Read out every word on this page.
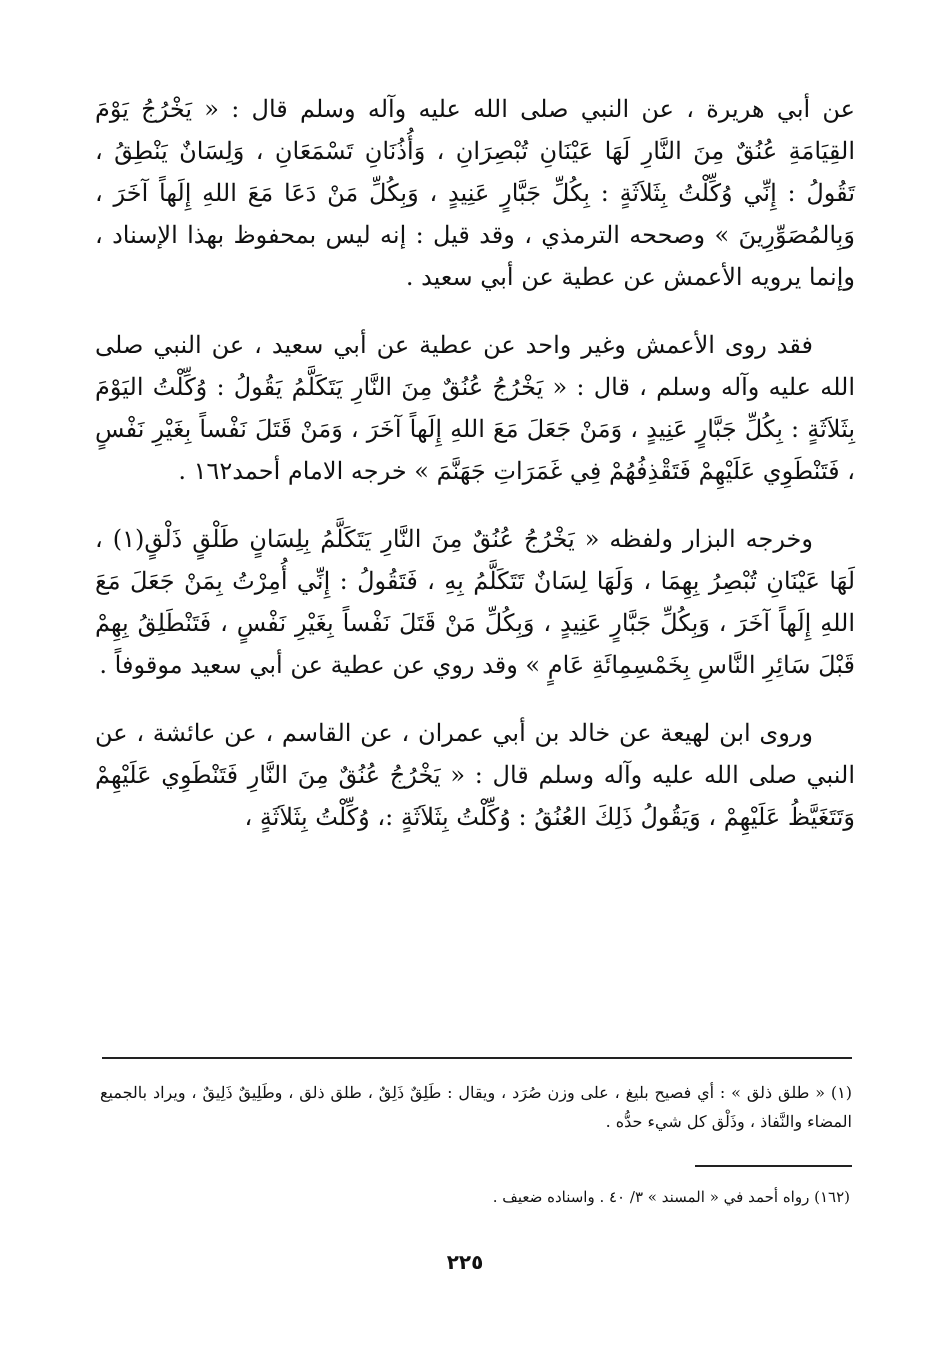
عن أبي هريرة ، عن النبي صلى الله عليه وآله وسلم قال : « يَخْرُجُ يَوْمَ القِيَامَةِ عُنُقٌ مِنَ النَّارِ لَهَا عَيْنَانِ تُبْصِرَانِ ، وَأُذُنَانِ تَسْمَعَانِ ، وَلِسَانٌ يَنْطِقُ ، تَقُولُ : إِنِّي وُكِّلْتُ بِثَلاَثَةٍ : بِكُلِّ جَبَّارٍ عَنِيدٍ ، وَبِكُلِّ مَنْ دَعَا مَعَ اللهِ إِلَهاً آخَرَ ، وَبِالمُصَوِّرِينَ » وصححه الترمذي ، وقد قيل : إنه ليس بمحفوظ بهذا الإسناد ، وإنما يرويه الأعمش عن عطية عن أبي سعيد .

فقد روى الأعمش وغير واحد عن عطية عن أبي سعيد ، عن النبي صلى الله عليه وآله وسلم ، قال : « يَخْرُجُ عُنُقٌ مِنَ النَّارِ يَتَكَلَّمُ يَقُولُ : وُكِّلْتُ اليَوْمَ بِثَلاَثَةٍ : بِكُلِّ جَبَّارٍ عَنِيدٍ ، وَمَنْ جَعَلَ مَعَ اللهِ إِلَهاً آخَرَ ، وَمَنْ قَتَلَ نَفْساً بِغَيْرِ نَفْسٍ ، فَتَنْطَوِي عَلَيْهِمْ فَتَقْذِفُهُمْ فِي غَمَرَاتِ جَهَنَّمَ » خرجه الامام أحمد١٦٢ .

وخرجه البزار ولفظه « يَخْرُجُ عُنُقٌ مِنَ النَّارِ يَتَكَلَّمُ بِلِسَانٍ طَلْقٍ ذَلْقٍ(١) ، لَهَا عَيْنَانِ تُبْصِرُ بِهِمَا ، وَلَهَا لِسَانٌ تَتَكَلَّمُ بِهِ ، فَتَقُولُ : إِنِّي أُمِرْتُ بِمَنْ جَعَلَ مَعَ اللهِ إِلَهاً آخَرَ ، وَبِكُلِّ جَبَّارٍ عَنِيدٍ ، وَبِكُلِّ مَنْ قَتَلَ نَفْساً بِغَيْرِ نَفْسٍ ، فَتَنْطَلِقُ بِهِمْ قَبْلَ سَائِرِ النَّاسِ بِخَمْسِمِائَةِ عَامٍ » وقد روي عن عطية عن أبي سعيد موقوفاً .

وروى ابن لهيعة عن خالد بن أبي عمران ، عن القاسم ، عن عائشة ، عن النبي صلى الله عليه وآله وسلم قال : « يَخْرُجُ عُنُقٌ مِنَ النَّارِ فَتَنْطَوِي عَلَيْهِمْ وَتَتَغَيَّظُ عَلَيْهِمْ ، وَيَقُولُ ذَلِكَ العُنُقُ : وُكِّلْتُ بِثَلاَثَةٍ :، وُكِّلْتُ بِثَلاَثَةٍ ،

(١) « طلق ذلق » : أي فصيح بليغ ، على وزن صُرَد ، ويقال : طَلِقٌ ذَلِقٌ ، طلق ذلق ، وطَلِيقٌ ذَلِيقٌ ، ويراد بالجميع المضاء والنَّفاذ ، وذَلْق كل شيء حدُّه .

(١٦٢) رواه أحمد في « المسند » ٣/ ٤٠ . واسناده ضعيف .
٢٢٥
